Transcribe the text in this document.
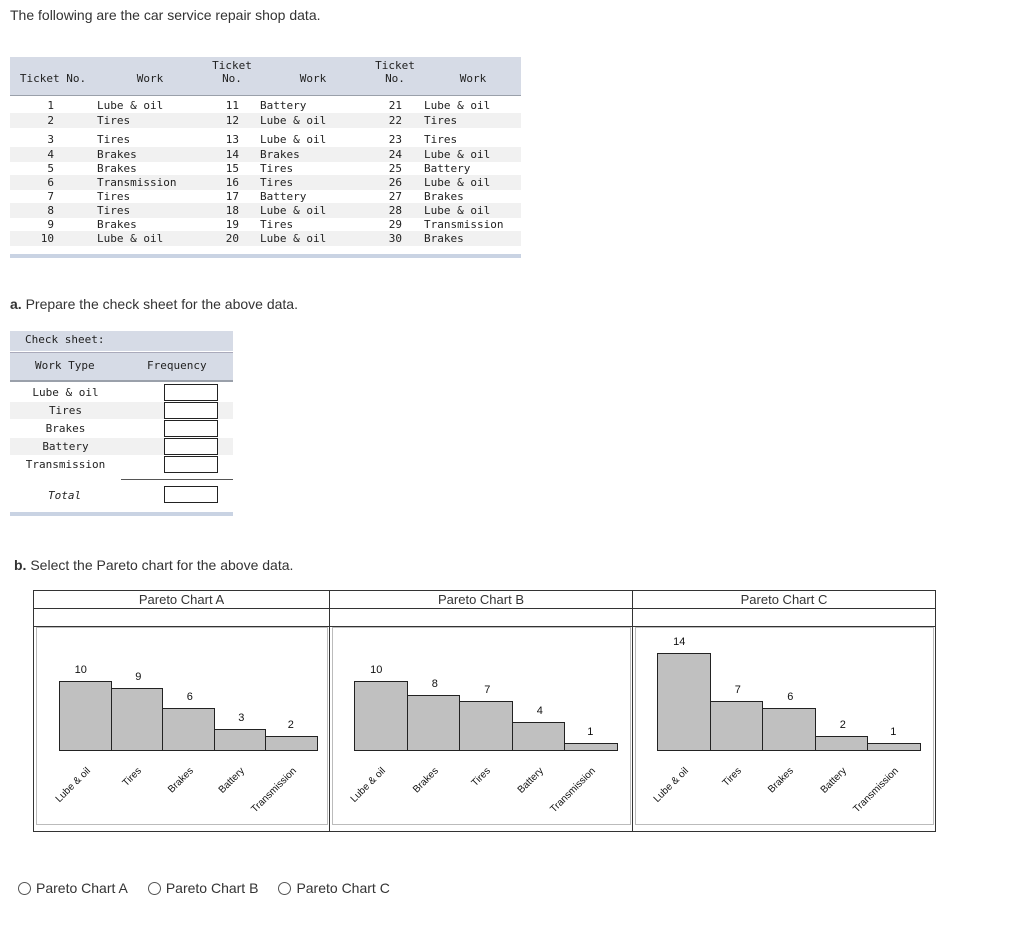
The following are the car service repair shop data.
Ticket No.	Work
Ticket
No.	Work
Ticket
No.	Work
1	Lube & oil	11 Battery	21 Lube & oil
2	Tires	12 Lube & oil	22 Tires
3	Tires	13 Lube & oil	23 Tires
4	Brakes	14 Brakes	24 Lube & oil
5	Brakes	15 Tires	25 Battery
6	Transmission	16 Tires	26 Lube & oil
7	Tires	17 Battery	27 Brakes
8	Tires	18 Lube & oil	28 Lube & oil
9	Brakes	19 Tires	29 Transmission
10	Lube & oil	20 Lube & oil	30 Brakes
a. Prepare the check sheet for the above data.
Check sheet:
Work Type	Frequency
Lube & oil
Tires
Brakes
Battery
Transmission
Total
b. Select the Pareto chart for the above data.
Pareto Chart A	Pareto Chart B	Pareto Chart C
10
Lube & oil
9
Tires
6
Brakes
3
Battery
2
Transmission
10
Lube & oil
8
Brakes
7
Tires
4
Battery
1
Transmission
14
Lube & oil
7
Tires
6
Brakes
2
Battery
1
Transmission
Pareto Chart A	Pareto Chart B	Pareto Chart C
